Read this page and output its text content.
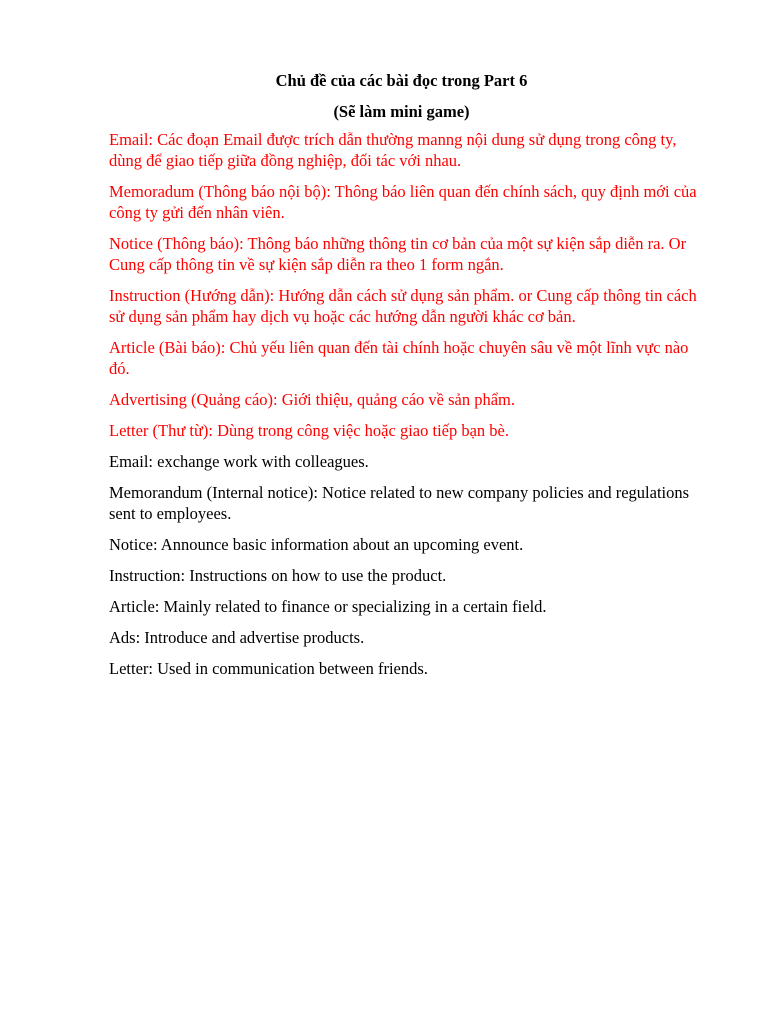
Chủ đề của các bài đọc trong Part 6

(Sẽ làm mini game)

Email: Các đoạn Email được trích dẫn thường manng nội dung sử dụng trong công ty, dùng để giao tiếp giữa đồng nghiệp, đối tác với nhau.

Memoradum (Thông báo nội bộ): Thông báo liên quan đến chính sách, quy định mới của công ty gửi đến nhân viên.

Notice (Thông báo): Thông báo những thông tin cơ bản của một sự kiện sắp diễn ra. Or Cung cấp thông tin về sự kiện sắp diễn ra theo 1 form ngắn.

Instruction (Hướng dẫn): Hướng dẫn cách sử dụng sản phẩm. or Cung cấp thông tin cách sử dụng sản phẩm hay dịch vụ hoặc các hướng dẫn người khác cơ bản.

Article (Bài báo): Chủ yếu liên quan đến tài chính hoặc chuyên sâu về một lĩnh vực nào đó.

Advertising (Quảng cáo): Giới thiệu, quảng cáo về sản phẩm.

Letter (Thư từ): Dùng trong công việc hoặc giao tiếp bạn bè.

Email: exchange work with colleagues.

Memorandum (Internal notice): Notice related to new company policies and regulations sent to employees.

Notice: Announce basic information about an upcoming event.

Instruction: Instructions on how to use the product.

Article: Mainly related to finance or specializing in a certain field.

Ads: Introduce and advertise products.

Letter: Used in communication between friends.
